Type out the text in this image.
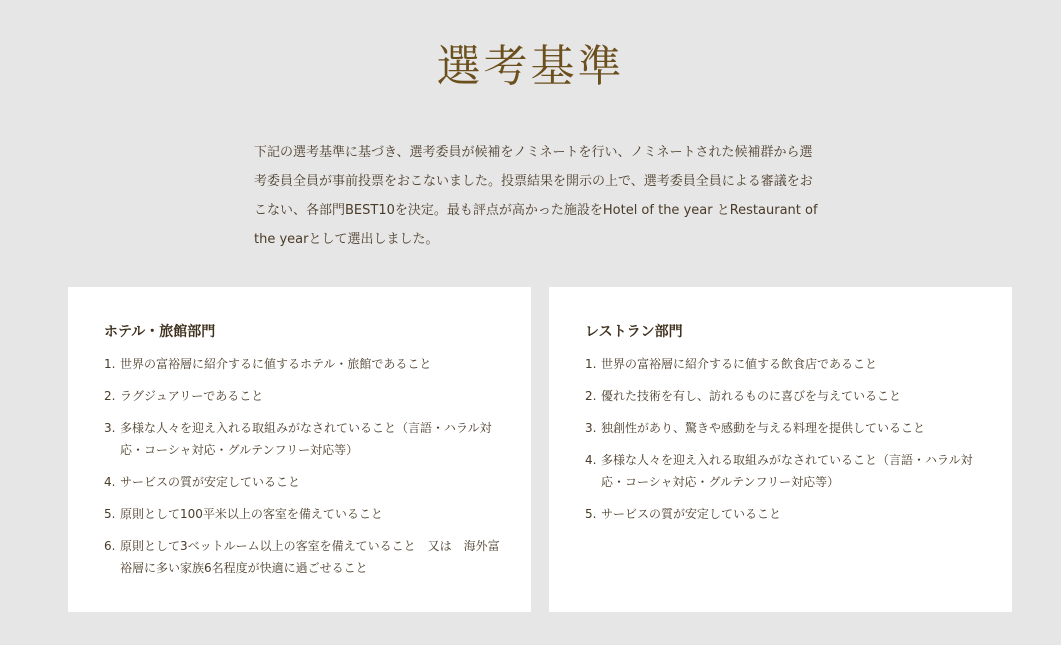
選考基準

下記の選考基準に基づき、選考委員が候補をノミネートを行い、ノミネートされた候補群から選考委員全員が事前投票をおこないました。投票結果を開示の上で、選考委員全員による審議をおこない、各部門BEST10を決定。最も評点が高かった施設をHotel of the year とRestaurant of the yearとして選出しました。

ホテル・旅館部門
1. 世界の富裕層に紹介するに値するホテル・旅館であること
2. ラグジュアリーであること
3. 多様な人々を迎え入れる取組みがなされていること（言語・ハラル対応・コーシャ対応・グルテンフリー対応等）
4. サービスの質が安定していること
5. 原則として100平米以上の客室を備えていること
6. 原則として3ベットルーム以上の客室を備えていること　又は　海外富裕層に多い家族6名程度が快適に過ごせること
レストラン部門
1. 世界の富裕層に紹介するに値する飲食店であること
2. 優れた技術を有し、訪れるものに喜びを与えていること
3. 独創性があり、驚きや感動を与える料理を提供していること
4. 多様な人々を迎え入れる取組みがなされていること（言語・ハラル対応・コーシャ対応・グルテンフリー対応等）
5. サービスの質が安定していること
